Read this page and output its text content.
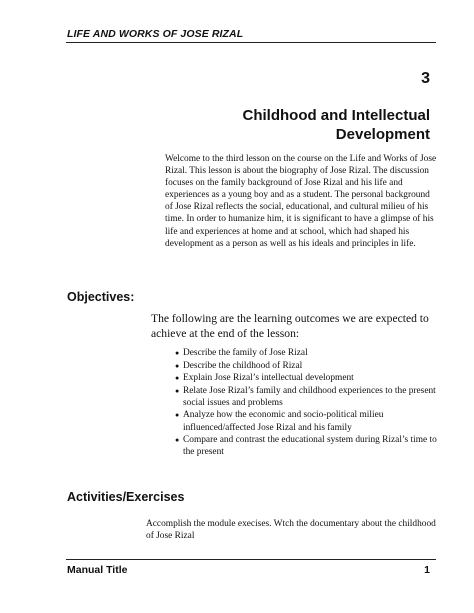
LIFE AND WORKS OF JOSE RIZAL
3
Childhood and Intellectual
Development

Welcome to the third lesson on the course on the Life and Works of Jose Rizal. This lesson is about the biography of Jose Rizal. The discussion focuses on the family background of Jose Rizal and his life and experiences as a young boy and as a student. The personal background of Jose Rizal reflects the social, educational, and cultural milieu of his time. In order to humanize him, it is significant to have a glimpse of his life and experiences at home and at school, which had shaped his development as a person as well as his ideals and principles in life.

Objectives:

The following are the learning outcomes we are expected to achieve at the end of the lesson:

● Describe the family of Jose Rizal
● Describe the childhood of Rizal
● Explain Jose Rizal’s intellectual development
● Relate Jose Rizal’s family and childhood experiences to the present social issues and problems
● Analyze how the economic and socio-political milieu influenced/affected Jose Rizal and his family
● Compare and contrast the educational system during Rizal’s time to the present
Activities/Exercises

Accomplish the module execises. Wtch the documentary about the childhood of Jose Rizal

Manual Title	1
